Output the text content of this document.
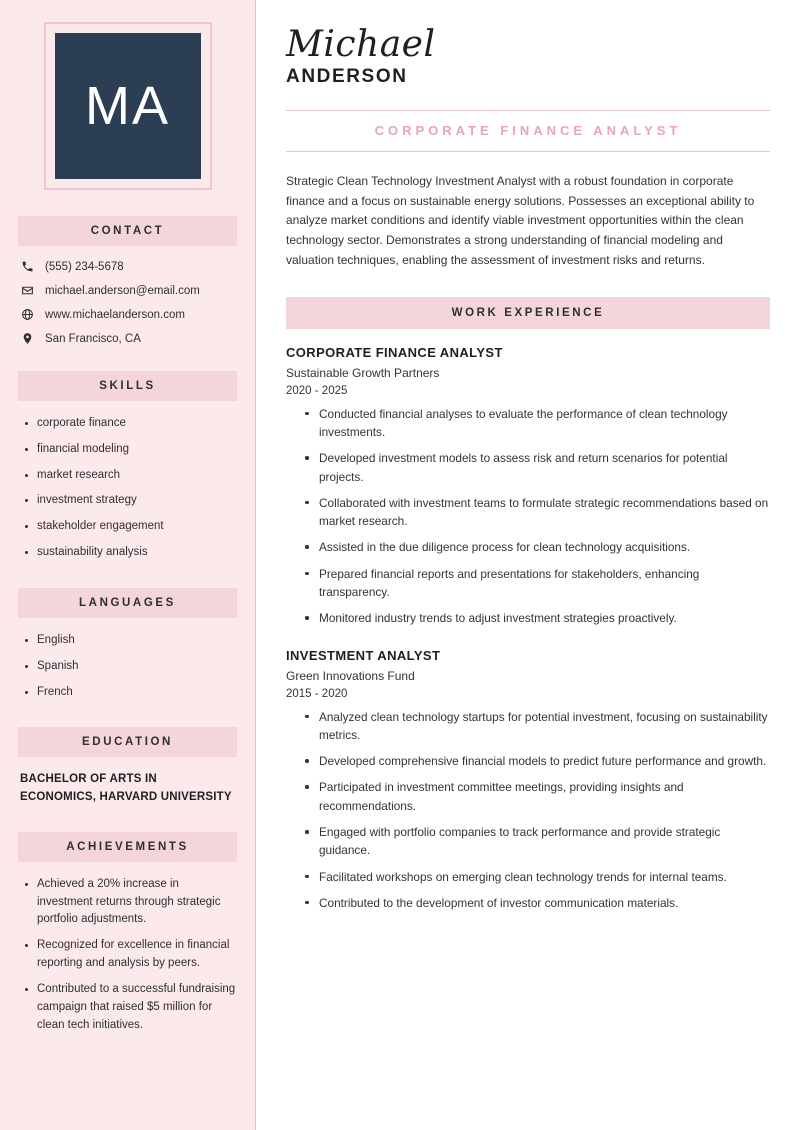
MA
CONTACT
(555) 234-5678
michael.anderson@email.com
www.michaelanderson.com
San Francisco, CA
SKILLS
corporate finance
financial modeling
market research
investment strategy
stakeholder engagement
sustainability analysis
LANGUAGES
English
Spanish
French
EDUCATION
BACHELOR OF ARTS IN ECONOMICS, HARVARD UNIVERSITY
ACHIEVEMENTS
Achieved a 20% increase in investment returns through strategic portfolio adjustments.
Recognized for excellence in financial reporting and analysis by peers.
Contributed to a successful fundraising campaign that raised $5 million for clean tech initiatives.
Michael
ANDERSON
CORPORATE FINANCE ANALYST

Strategic Clean Technology Investment Analyst with a robust foundation in corporate finance and a focus on sustainable energy solutions. Possesses an exceptional ability to analyze market conditions and identify viable investment opportunities within the clean technology sector. Demonstrates a strong understanding of financial modeling and valuation techniques, enabling the assessment of investment risks and returns.

WORK EXPERIENCE
CORPORATE FINANCE ANALYST
Sustainable Growth Partners
2020 - 2025
Conducted financial analyses to evaluate the performance of clean technology investments.
Developed investment models to assess risk and return scenarios for potential projects.
Collaborated with investment teams to formulate strategic recommendations based on market research.
Assisted in the due diligence process for clean technology acquisitions.
Prepared financial reports and presentations for stakeholders, enhancing transparency.
Monitored industry trends to adjust investment strategies proactively.
INVESTMENT ANALYST
Green Innovations Fund
2015 - 2020
Analyzed clean technology startups for potential investment, focusing on sustainability metrics.
Developed comprehensive financial models to predict future performance and growth.
Participated in investment committee meetings, providing insights and recommendations.
Engaged with portfolio companies to track performance and provide strategic guidance.
Facilitated workshops on emerging clean technology trends for internal teams.
Contributed to the development of investor communication materials.
